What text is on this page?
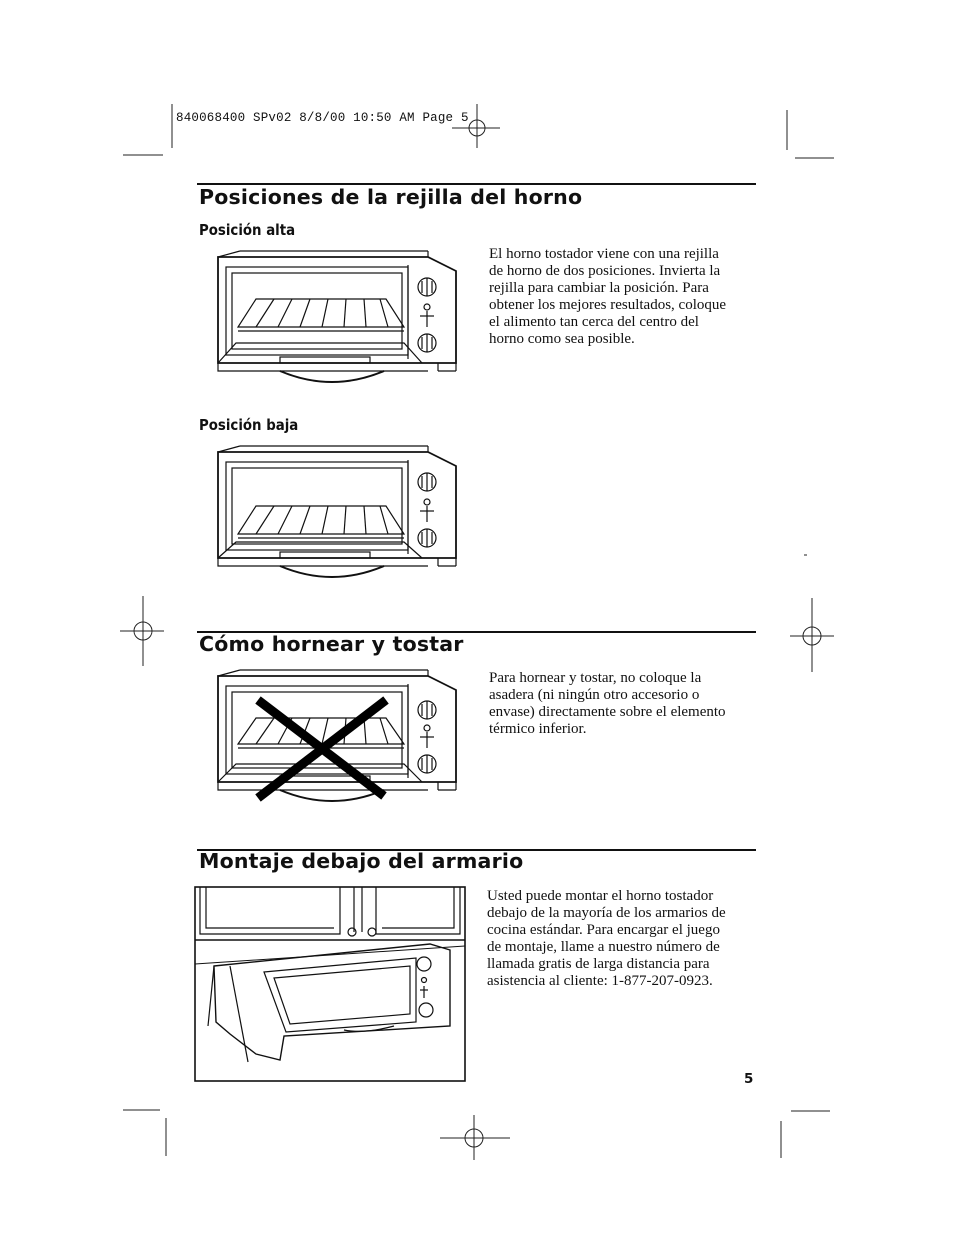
840068400 SPv02 8/8/00 10:50 AM Page 5
Posiciones de la rejilla del horno
Posición alta
El horno tostador viene con una rejilla
de horno de dos posiciones. Invierta la
rejilla para cambiar la posición. Para
obtener los mejores resultados, coloque
el alimento tan cerca del centro del
horno como sea posible.
Posición baja
Cómo hornear y tostar
Para hornear y tostar, no coloque la
asadera (ni ningún otro accesorio o
envase) directamente sobre el elemento
térmico inferior.
Montaje debajo del armario
Usted puede montar el horno tostador
debajo de la mayoría de los armarios de
cocina estándar. Para encargar el juego
de montaje, llame a nuestro número de
llamada gratis de larga distancia para
asistencia al cliente: 1-877-207-0923.
5
